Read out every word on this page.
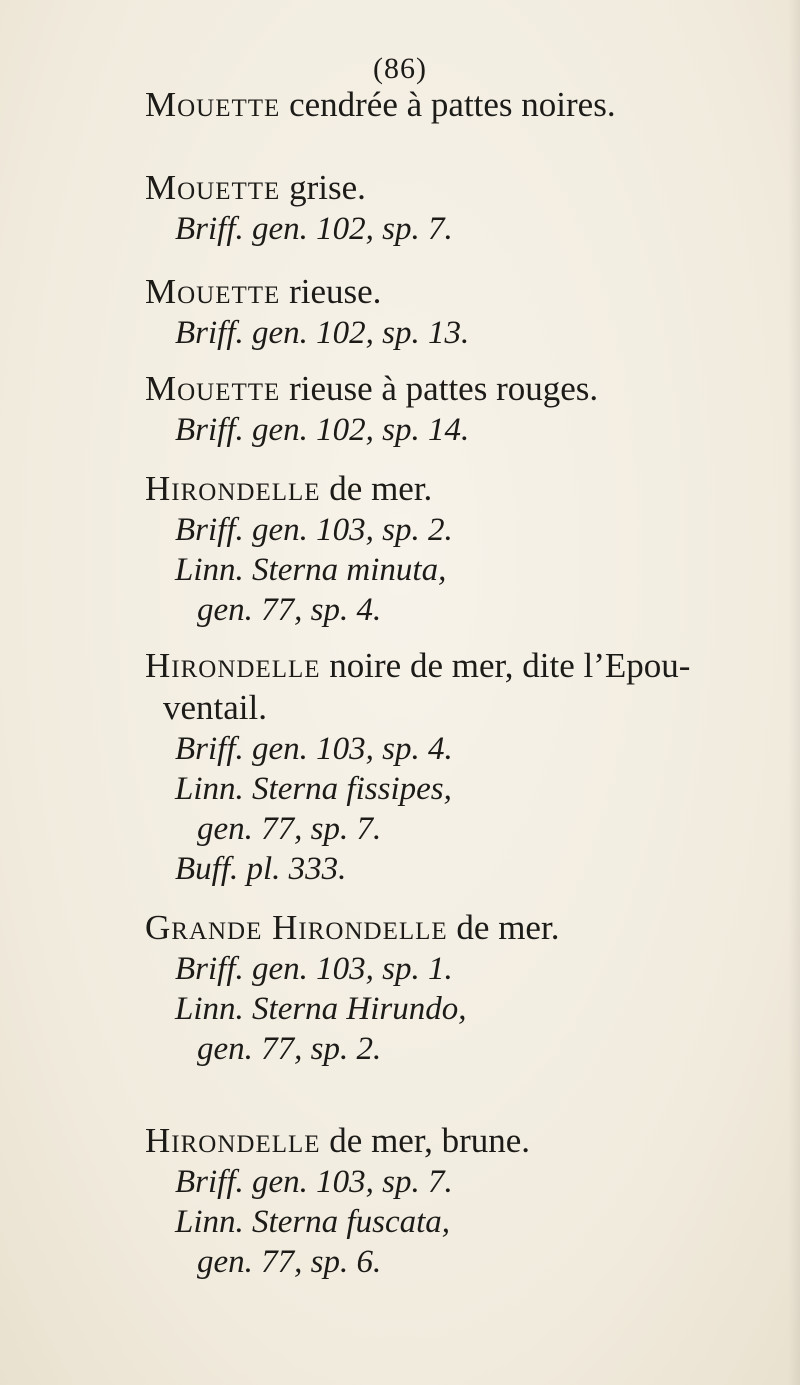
(86)
Mouette cendrée à pattes noires.
Mouette grise.
Briff. gen. 102, sp. 7.
Mouette rieuse.
Briff. gen. 102, sp. 13.
Mouette rieuse à pattes rouges.
Briff. gen. 102, sp. 14.
Hirondelle de mer.
Briff. gen. 103, sp. 2.
Linn. Sterna minuta,
gen. 77, sp. 4.
Hirondelle noire de mer, dite l’Epou-
ventail.
Briff. gen. 103, sp. 4.
Linn. Sterna fissipes,
gen. 77, sp. 7.
Buff. pl. 333.
Grande Hirondelle de mer.
Briff. gen. 103, sp. 1.
Linn. Sterna Hirundo,
gen. 77, sp. 2.
Hirondelle de mer, brune.
Briff. gen. 103, sp. 7.
Linn. Sterna fuscata,
gen. 77, sp. 6.
